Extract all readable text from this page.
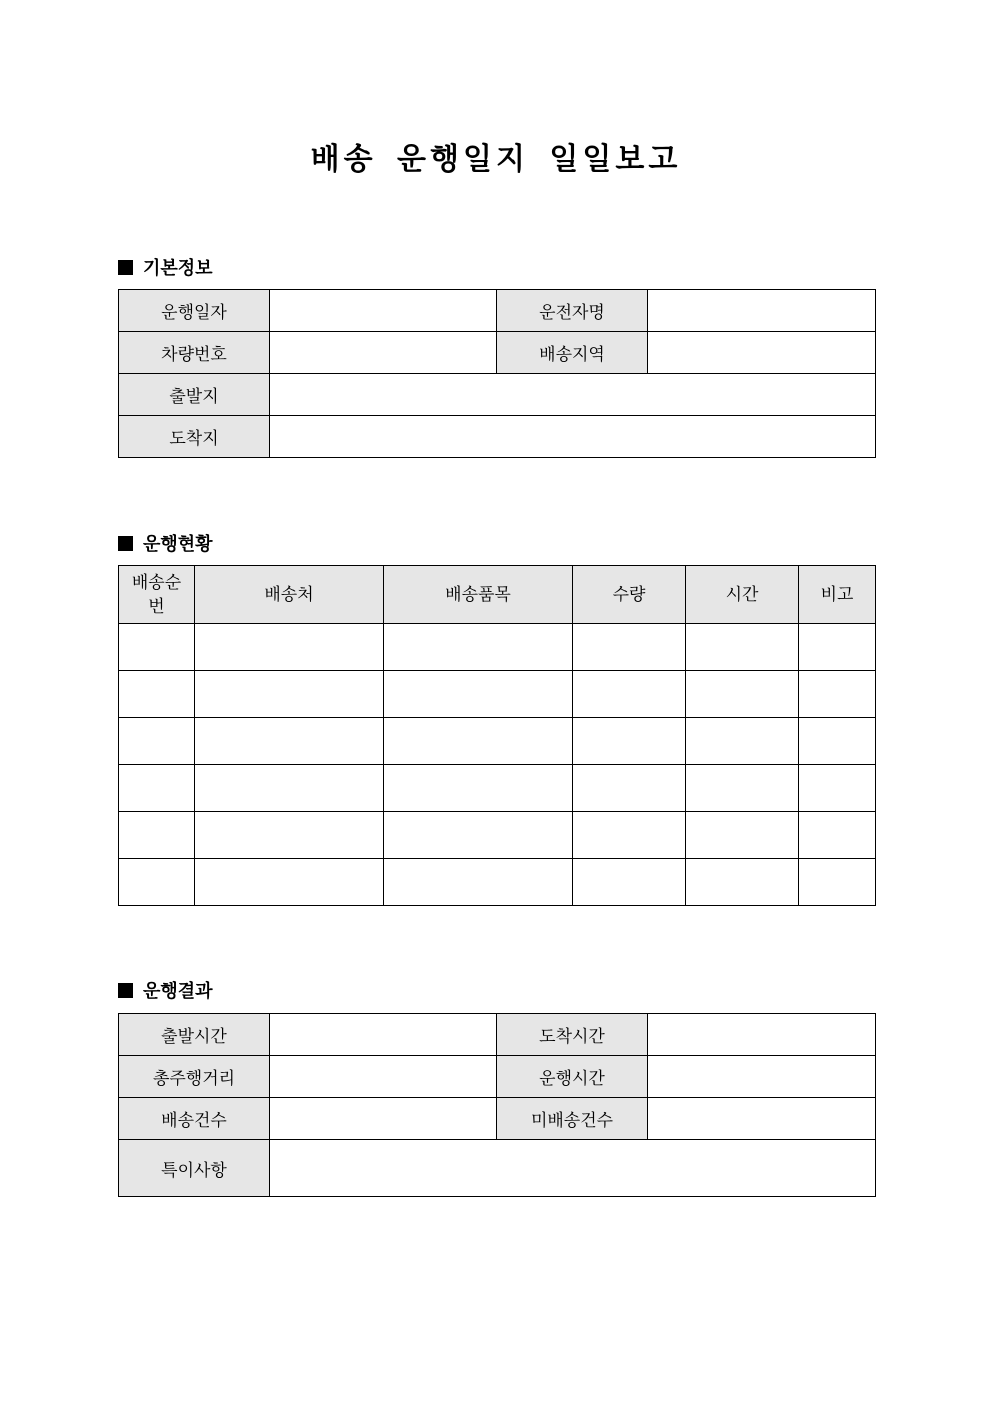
배송 운행일지 일일보고
기본정보
운행일자		운전자명	
차량번호		배송지역	
출발지			
도착지			
운행현황
배송순번	배송처	배송품목	수량	시간	비고

운행결과
출발시간		도착시간	
총주행거리		운행시간	
배송건수		미배송건수	
특이사항			
